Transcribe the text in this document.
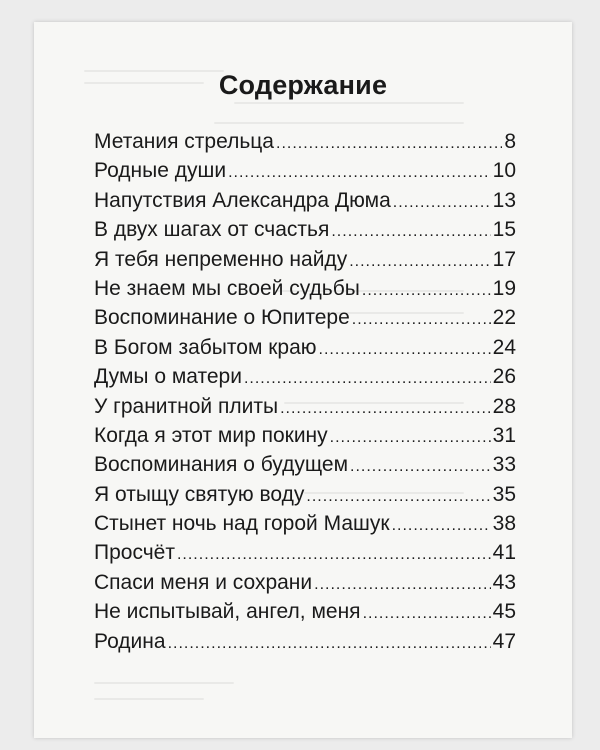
Содержание
Метания стрельца .....	8
Родные души .....	10
Напутствия Александра Дюма .....	13
В двух шагах от счастья .....	15
Я тебя непременно найду .....	17
Не знаем мы своей судьбы .....	19
Воспоминание о Юпитере .....	22
В Богом забытом краю .....	24
Думы о матери .....	26
У гранитной плиты .....	28
Когда я этот мир покину .....	31
Воспоминания о будущем .....	33
Я отыщу святую воду .....	35
Стынет ночь над горой Машук .....	38
Просчёт .....	41
Спаси меня и сохрани .....	43
Не испытывай, ангел, меня .....	45
Родина .....	47
